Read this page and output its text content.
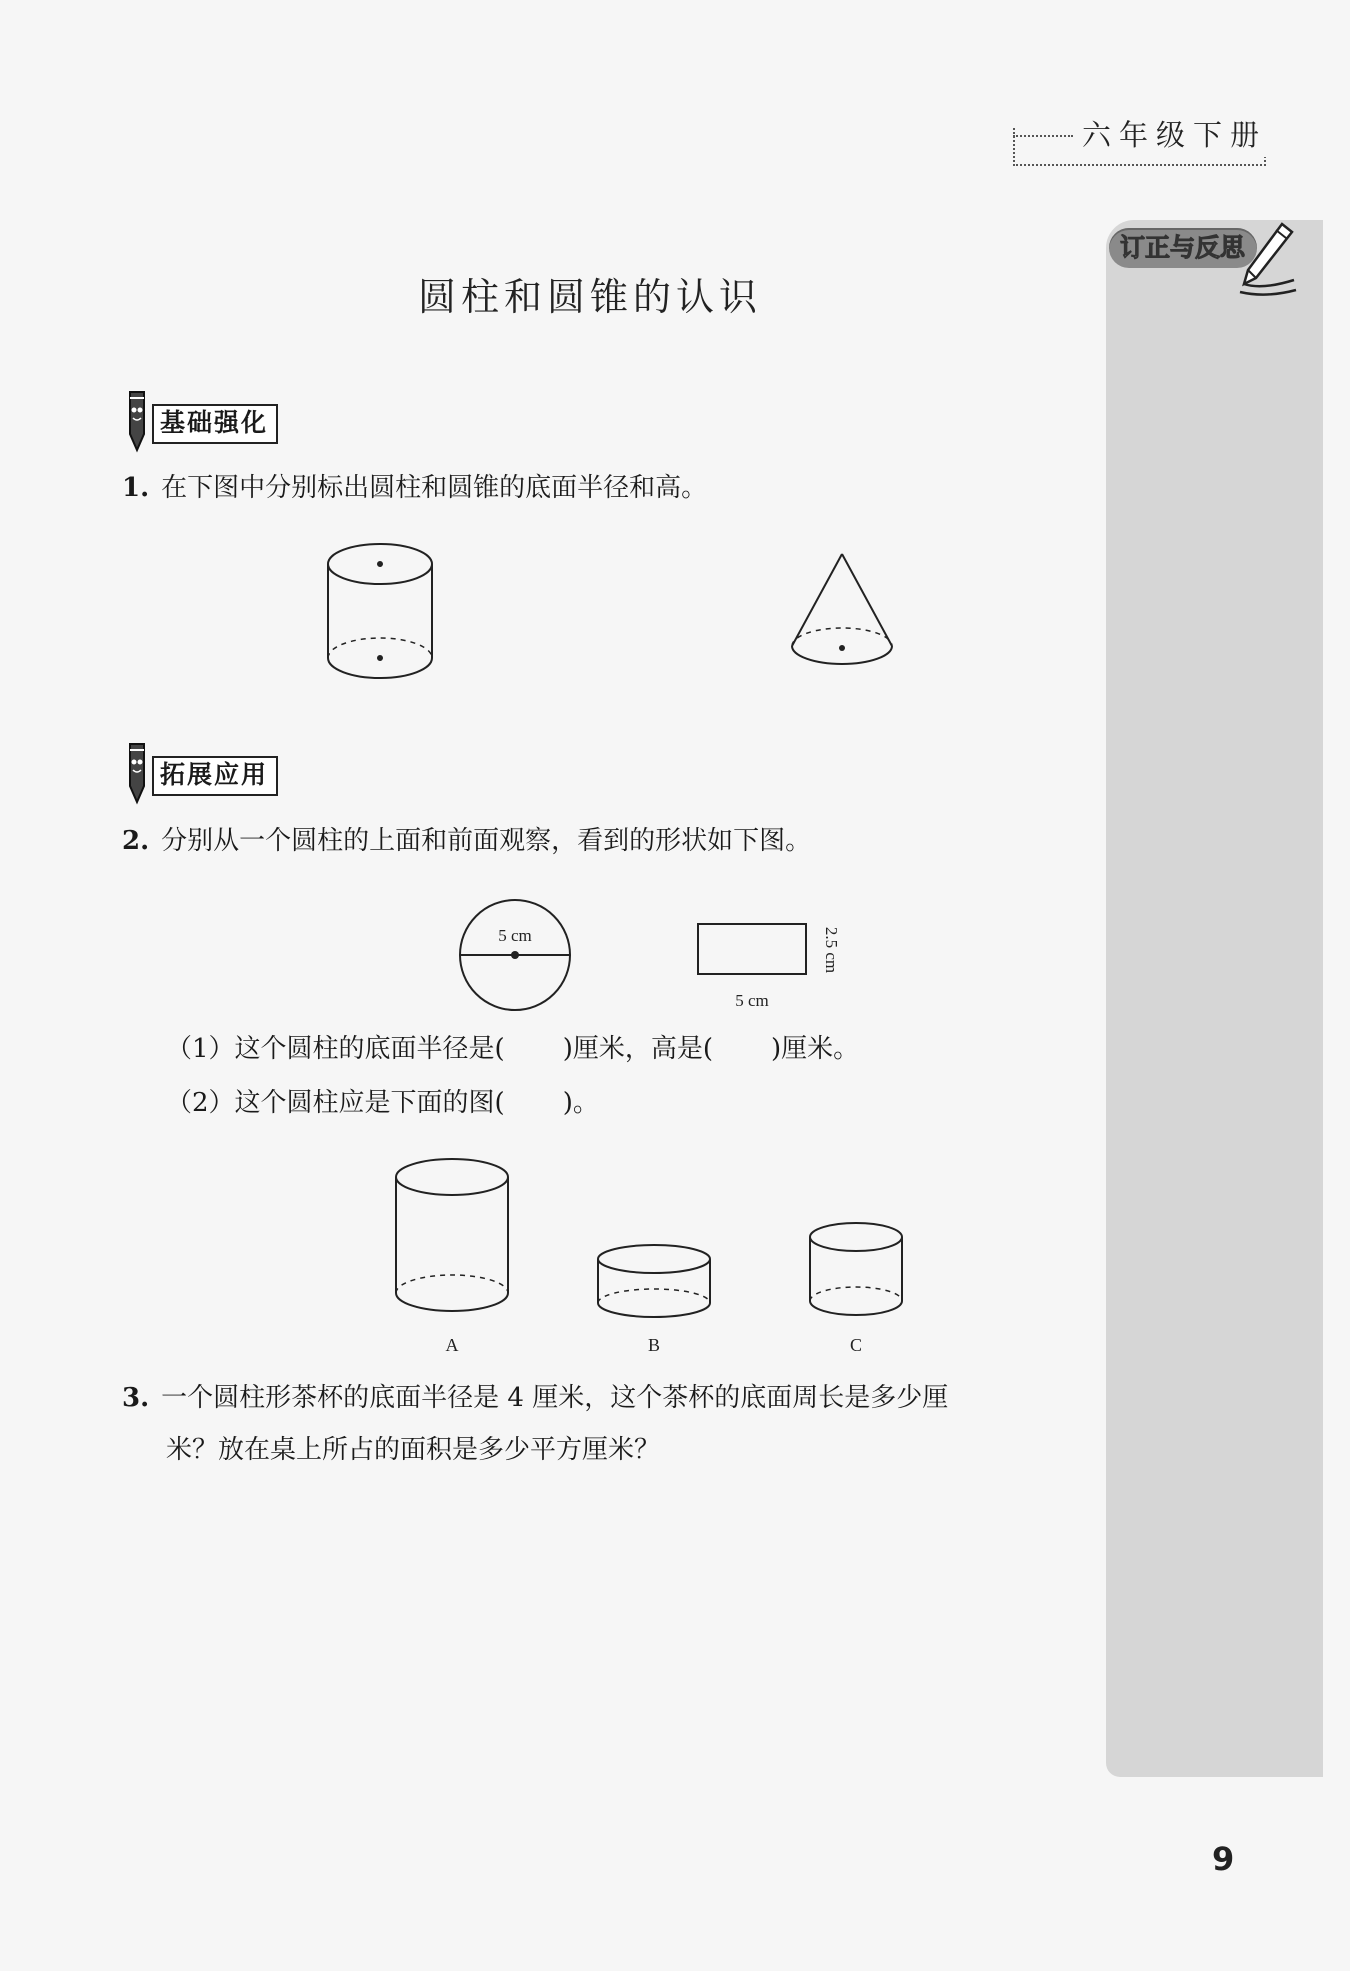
六年级下册
订正与反思
圆柱和圆锥的认识
基础强化
1. 在下图中分别标出圆柱和圆锥的底面半径和高。
拓展应用
2. 分别从一个圆柱的上面和前面观察，看到的形状如下图。
5 cm
5 cm
2.5 cm
（1）这个圆柱的底面半径是( )厘米，高是( )厘米。
（2）这个圆柱应是下面的图( )。
A	B	C
3. 一个圆柱形茶杯的底面半径是 4 厘米，这个茶杯的底面周长是多少厘
米？放在桌上所占的面积是多少平方厘米？
9
